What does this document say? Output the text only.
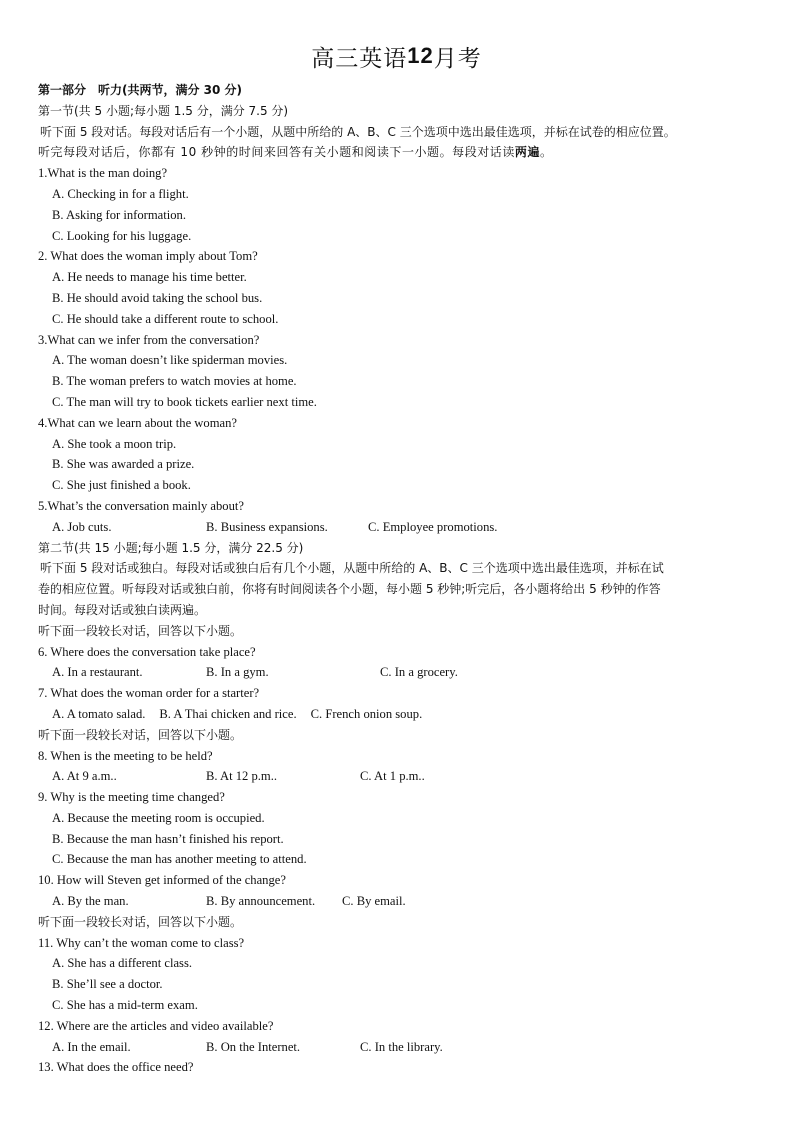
高三英语12月考
第一部分　听力(共两节，满分 30 分)
第一节(共 5 小题;每小题 1.5 分，满分 7.5 分)
听下面 5 段对话。每段对话后有一个小题，从题中所给的 A、B、C 三个选项中选出最佳选项，并标在试卷的相应位置。
听完每段对话后，你都有 10 秒钟的时间来回答有关小题和阅读下一小题。每段对话读两遍。
1.What is the man doing?
A. Checking in for a flight.
B. Asking for information.
C. Looking for his luggage.
2. What does the woman imply about Tom?
A. He needs to manage his time better.
B. He should avoid taking the school bus.
C. He should take a different route to school.
3.What can we infer from the conversation?
A. The woman doesn’t like spiderman movies.
B. The woman prefers to watch movies at home.
C. The man will try to book tickets earlier next time.
4.What can we learn about the woman?
A. She took a moon trip.
B. She was awarded a prize.
C. She just finished a book.
5.What’s the conversation mainly about?
A. Job cuts.	B. Business expansions.	C. Employee promotions.
第二节(共 15 小题;每小题 1.5 分，满分 22.5 分)
听下面 5 段对话或独白。每段对话或独白后有几个小题，从题中所给的 A、B、C 三个选项中选出最佳选项，并标在试
卷的相应位置。听每段对话或独白前，你将有时间阅读各个小题，每小题 5 秒钟;听完后，各小题将给出 5 秒钟的作答
时间。每段对话或独白读两遍。
听下面一段较长对话，回答以下小题。
6. Where does the conversation take place?
A. In a restaurant.	B. In a gym.	C. In a grocery.
7. What does the woman order for a starter?
A. A tomato salad. B. A Thai chicken and rice. C. French onion soup.
听下面一段较长对话，回答以下小题。
8. When is the meeting to be held?
A. At 9 a.m..	B. At 12 p.m..	C. At 1 p.m..
9. Why is the meeting time changed?
A. Because the meeting room is occupied.
B. Because the man hasn’t finished his report.
C. Because the man has another meeting to attend.
10. How will Steven get informed of the change?
A. By the man.	B. By announcement.	C. By email.
听下面一段较长对话，回答以下小题。
11. Why can’t the woman come to class?
A. She has a different class.
B. She’ll see a doctor.
C. She has a mid-term exam.
12. Where are the articles and video available?
A. In the email.	B. On the Internet.	C. In the library.
13. What does the office need?
